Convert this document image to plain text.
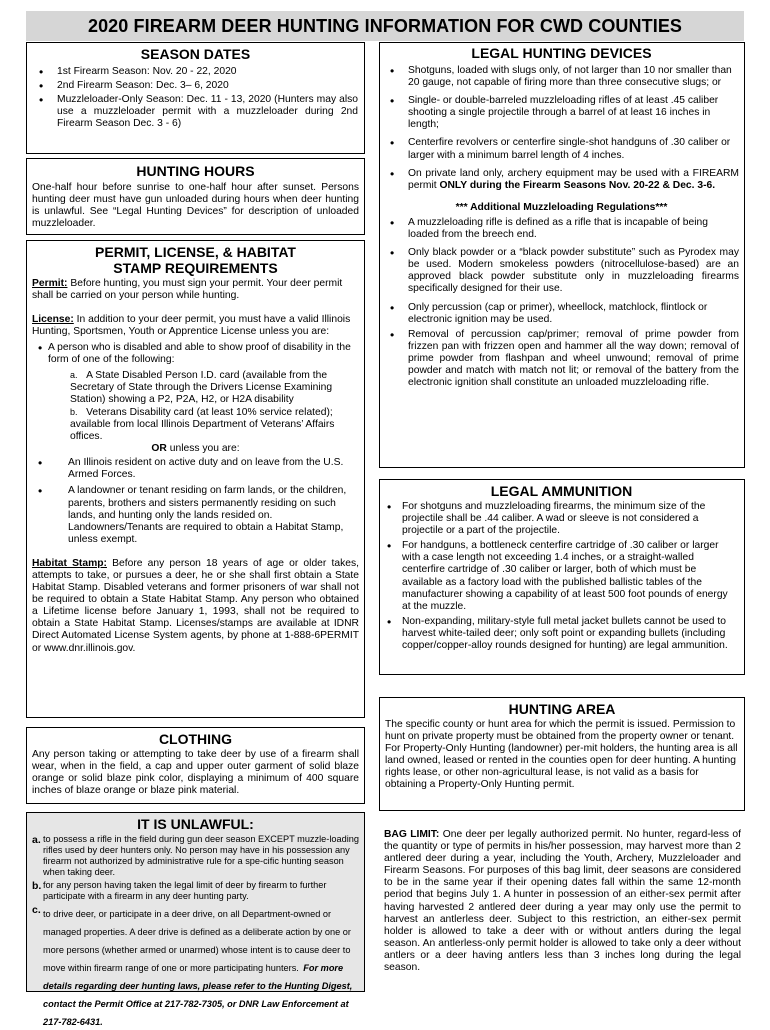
2020 FIREARM DEER HUNTING INFORMATION FOR CWD COUNTIES
SEASON DATES
• 1st Firearm Season: Nov. 20 - 22, 2020
• 2nd Firearm Season: Dec. 3– 6, 2020
• Muzzleloader-Only Season: Dec. 11 - 13, 2020 (Hunters may also use a muzzleloader permit with a muzzleloader during 2nd Firearm Season Dec. 3 - 6)
HUNTING HOURS

One-half hour before sunrise to one-half hour after sunset. Persons hunting deer must have gun unloaded during hours when deer hunting is unlawful. See “Legal Hunting Devices” for description of unloaded muzzleloader.

PERMIT, LICENSE, & HABITAT STAMP REQUIREMENTS

Permit: Before hunting, you must sign your permit. Your deer permit shall be carried on your person while hunting.

License: In addition to your deer permit, you must have a valid Illinois Hunting, Sportsmen, Youth or Apprentice License unless you are:

• A person who is disabled and able to show proof of disability in the form of one of the following:

a. A State Disabled Person I.D. card (available from the Secretary of State through the Drivers License Examining Station) showing a P2, P2A, H2, or H2A disability

b. Veterans Disability card (at least 10% service related); available from local Illinois Department of Veterans’ Affairs offices.

OR unless you are:

• An Illinois resident on active duty and on leave from the U.S. Armed Forces.
• A landowner or tenant residing on farm lands, or the children, parents, brothers and sisters permanently residing on such lands, and hunting only the lands resided on. Landowners/Tenants are required to obtain a Habitat Stamp, unless exempt.

Habitat Stamp: Before any person 18 years of age or older takes, attempts to take, or pursues a deer, he or she shall first obtain a State Habitat Stamp. Disabled veterans and former prisoners of war shall not be required to obtain a State Habitat Stamp. Any person who obtained a Lifetime license before January 1, 1993, shall not be required to obtain a State Habitat Stamp. Licenses/stamps are available at IDNR Direct Automated License System agents, by phone at 1-888-6PERMIT or www.dnr.illinois.gov.

CLOTHING

Any person taking or attempting to take deer by use of a firearm shall wear, when in the field, a cap and upper outer garment of solid blaze orange or solid blaze pink color, displaying a minimum of 400 square inches of blaze orange or blaze pink material.

IT IS UNLAWFUL:
a. to possess a rifle in the field during gun deer season EXCEPT muzzle-loading rifles used by deer hunters only. No person may have in his possession any firearm not authorized by administrative rule for a spe-cific hunting season when taking deer.
b. for any person having taken the legal limit of deer by firearm to further participate with a firearm in any deer hunting party.
c. to drive deer, or participate in a deer drive, on all Department-owned or managed properties. A deer drive is defined as a deliberate action by one or more persons (whether armed or unarmed) whose intent is to cause deer to move within firearm range of one or more participating hunters. For more details regarding deer hunting laws, please refer to the Hunting Digest, contact the Permit Office at 217-782-7305, or DNR Law Enforcement at 217-782-6431.
LEGAL HUNTING DEVICES
• Shotguns, loaded with slugs only, of not larger than 10 nor smaller than 20 gauge, not capable of firing more than three consecutive slugs; or
• Single- or double-barreled muzzleloading rifles of at least .45 caliber shooting a single projectile through a barrel of at least 16 inches in length;
• Centerfire revolvers or centerfire single-shot handguns of .30 caliber or larger with a minimum barrel length of 4 inches.
• On private land only, archery equipment may be used with a FIREARM permit ONLY during the Firearm Seasons Nov. 20-22 & Dec. 3-6.

*** Additional Muzzleloading Regulations***

• A muzzleloading rifle is defined as a rifle that is incapable of being loaded from the breech end.
• Only black powder or a “black powder substitute” such as Pyrodex may be used. Modern smokeless powders (nitrocellulose-based) are an approved black powder substitute only in muzzleloading firearms specifically designed for their use.
• Only percussion (cap or primer), wheellock, matchlock, flintlock or electronic ignition may be used.
• Removal of percussion cap/primer; removal of prime powder from frizzen pan with frizzen open and hammer all the way down; removal of prime powder from flashpan and wheel unwound; removal of prime powder and match with match not lit; or removal of the battery from the electronic ignition shall constitute an unloaded muzzleloading rifle.
LEGAL AMMUNITION
• For shotguns and muzzleloading firearms, the minimum size of the projectile shall be .44 caliber. A wad or sleeve is not considered a projectile or a part of the projectile.
• For handguns, a bottleneck centerfire cartridge of .30 caliber or larger with a case length not exceeding 1.4 inches, or a straight-walled centerfire cartridge of .30 caliber or larger, both of which must be available as a factory load with the published ballistic tables of the manufacturer showing a capability of at least 500 foot pounds of energy at the muzzle.
• Non-expanding, military-style full metal jacket bullets cannot be used to harvest white-tailed deer; only soft point or expanding bullets (including copper/copper-alloy rounds designed for hunting) are legal ammunition.
HUNTING AREA

The specific county or hunt area for which the permit is issued. Permission to hunt on private property must be obtained from the property owner or tenant. For Property-Only Hunting (landowner) per-mit holders, the hunting area is all land owned, leased or rented in the counties open for deer hunting. A hunting rights lease, or other non-agricultural lease, is not valid as a basis for obtaining a Property-Only Hunting permit.

BAG LIMIT: One deer per legally authorized permit. No hunter, regard-less of the quantity or type of permits in his/her possession, may harvest more than 2 antlered deer during a year, including the Youth, Archery, Muzzleloader and Firearm Seasons. For purposes of this bag limit, deer seasons are considered to be in the same year if their opening dates fall within the same 12-month period that begins July 1. A hunter in possession of an either-sex permit after having harvested 2 antlered deer during a year may only use the permit to harvest an antlerless deer. Subject to this restriction, an either-sex permit holder is allowed to take a deer with or without antlers during the legal season. An antlerless-only permit holder is allowed to take only a deer without antlers or a deer having antlers less than 3 inches long during the legal season.
